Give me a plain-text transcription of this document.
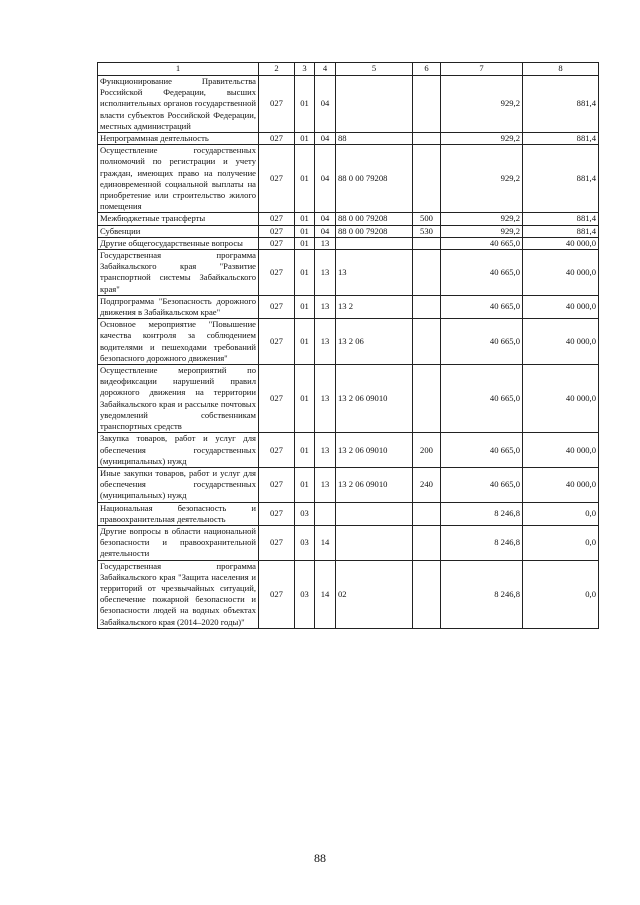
1	2	3	4	5	6	7	8
Функционирование Правительства Российской Федерации, высших исполнительных органов государственной власти субъектов Российской Федерации, местных администраций	027	01	04			929,2	881,4
Непрограммная деятельность	027	01	04	88		929,2	881,4
Осуществление государственных полномочий по регистрации и учету граждан, имеющих право на получение единовременной социальной выплаты на приобретение или строительство жилого помещения	027	01	04	88 0 00 79208		929,2	881,4
Межбюджетные трансферты	027	01	04	88 0 00 79208	500	929,2	881,4
Субвенции	027	01	04	88 0 00 79208	530	929,2	881,4
Другие общегосударственные вопросы	027	01	13			40 665,0	40 000,0
Государственная программа Забайкальского края "Развитие транспортной системы Забайкальского края"	027	01	13	13		40 665,0	40 000,0
Подпрограмма "Безопасность дорожного движения в Забайкальском крае"	027	01	13	13 2		40 665,0	40 000,0
Основное мероприятие "Повышение качества контроля за соблюдением водителями и пешеходами требований безопасного дорожного движения"	027	01	13	13 2 06		40 665,0	40 000,0
Осуществление мероприятий по видеофиксации нарушений правил дорожного движения на территории Забайкальского края и рассылке почтовых уведомлений собственникам транспортных средств	027	01	13	13 2 06 09010		40 665,0	40 000,0
Закупка товаров, работ и услуг для обеспечения государственных (муниципальных) нужд	027	01	13	13 2 06 09010	200	40 665,0	40 000,0
Иные закупки товаров, работ и услуг для обеспечения государственных (муниципальных) нужд	027	01	13	13 2 06 09010	240	40 665,0	40 000,0
Национальная безопасность и правоохранительная деятельность	027	03				8 246,8	0,0
Другие вопросы в области национальной безопасности и правоохранительной деятельности	027	03	14			8 246,8	0,0
Государственная программа Забайкальского края "Защита населения и территорий от чрезвычайных ситуаций, обеспечение пожарной безопасности и безопасности людей на водных объектах Забайкальского края (2014–2020 годы)"	027	03	14	02		8 246,8	0,0
88
